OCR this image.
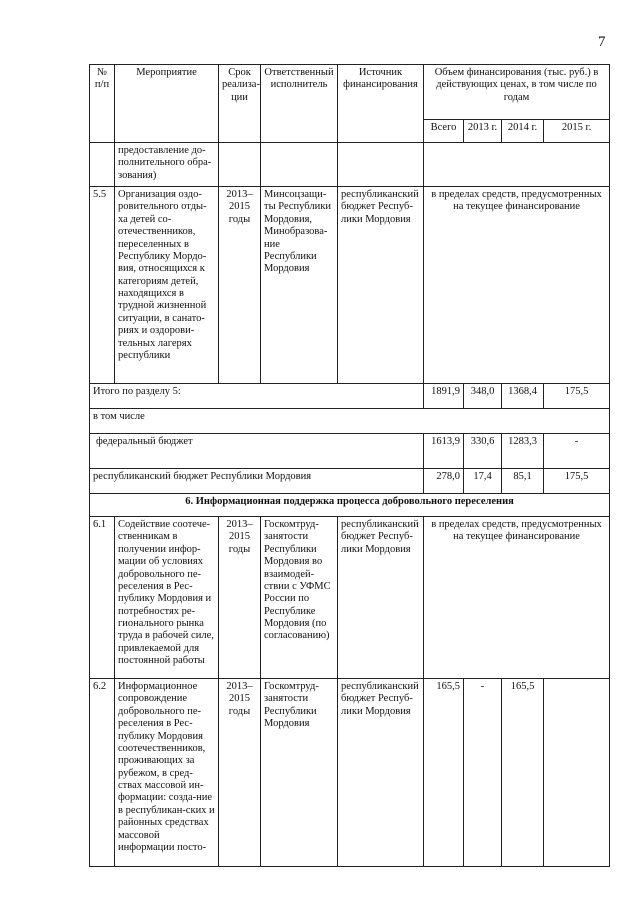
7
№ п/п	Мероприятие	Срок реализа-ции	Ответственный исполнитель	Источник финансирования	Объем финансирования (тыс. руб.) в действующих ценах, в том числе по годам			
					Всего	2013 г.	2014 г.	2015 г.
	предоставление до-полнительного обра-зования)							
5.5	Организация оздо-ровительного отды-ха детей со-отечественников, переселенных в Республику Мордо-вия, относящихся к категориям детей, находящихся в трудной жизненной ситуации, в санато-риях и оздорови-тельных лагерях республики	2013–2015 годы	Минсоцзащи-ты Республики Мордовия, Минобразова-ние Республики Мордовия	республиканский бюджет Респуб-лики Мордовия	в пределах средств, предусмотренных на текущее финансирование			
Итого по разделу 5:					1891,9	348,0	1368,4	175,5
в том числе								
федеральный бюджет					1613,9	330,6	1283,3	-
республиканский бюджет Республики Мордовия					278,0	17,4	85,1	175,5
6. Информационная поддержка процесса добровольного переселения								
6.1	Содействие соотече-ственникам в получении инфор-мации об условиях добровольного пе-реселения в Рес-публику Мордовия и потребностях ре-гионального рынка труда в рабочей силе, привлекаемой для постоянной работы	2013–2015 годы	Госкомтруд-занятости Республики Мордовия во взаимодей-ствии с УФМС России по Республике Мордовия (по согласованию)	республиканский бюджет Респуб-лики Мордовия	в пределах средств, предусмотренных на текущее финансирование			
6.2	Информационное сопровождение добровольного пе-реселения в Рес-публику Мордовия соотечественников, проживающих за рубежом, в сред-ствах массовой ин-формации: созда-ние в республикан-ских и районных средствах массовой информации посто-	2013–2015 годы	Госкомтруд-занятости Республики Мордовия	республиканский бюджет Респуб-лики Мордовия	165,5	-	165,5	
